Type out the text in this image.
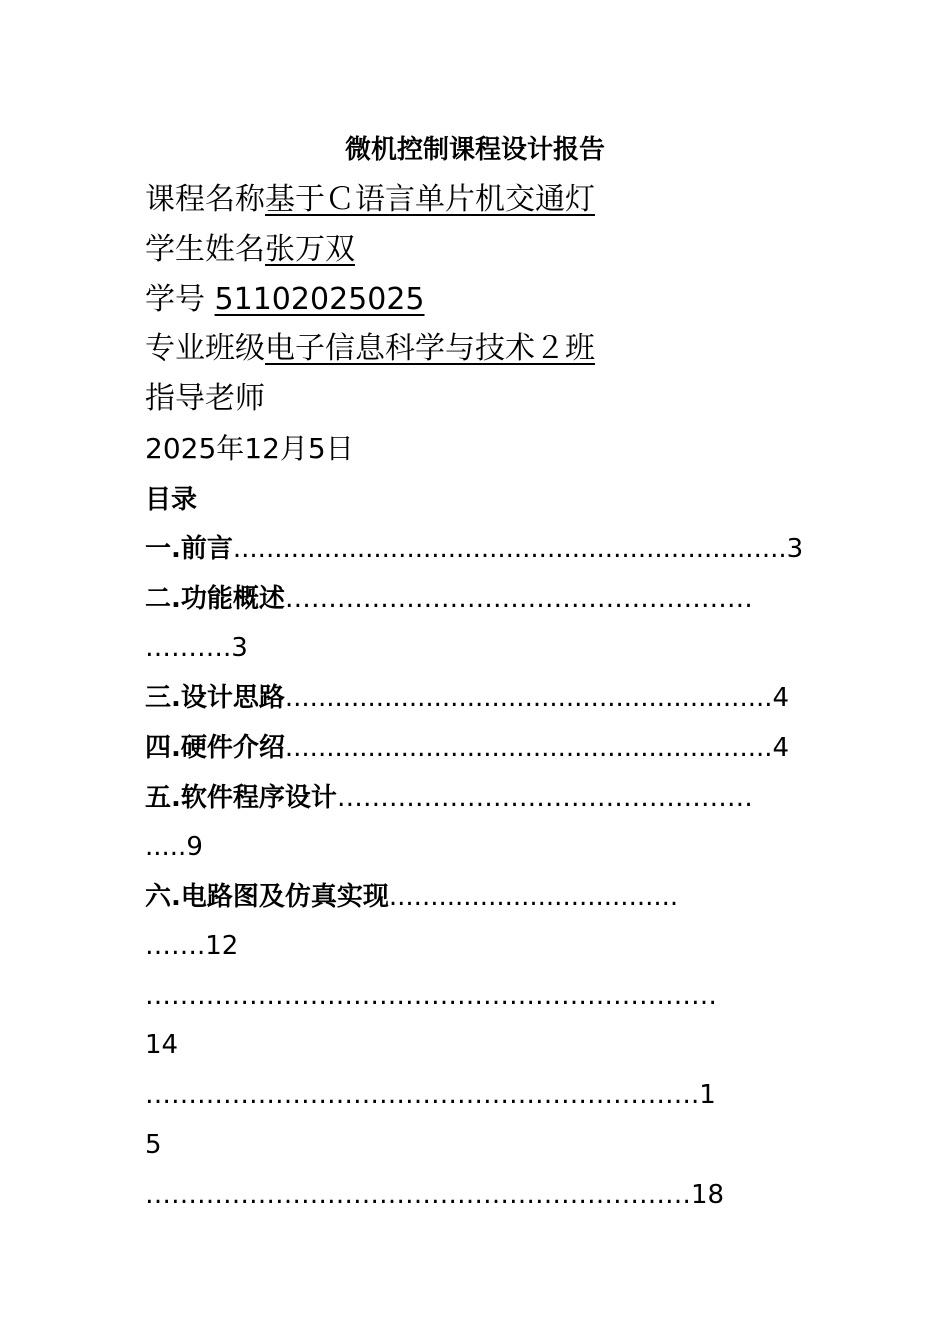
微机控制课程设计报告
课程名称基于Ｃ语言单片机交通灯
学生姓名张万双
学号 51102025025
专业班级电子信息科学与技术２班
指导老师
2025年12月5日
目录
一.前言...................................................................3
二.功能概述………………………………………………
……….3
三.设计思路...........................................................4
四.硬件介绍...........................................................4
五.软件程序设计…………………………………………
.....9
六.电路图及仿真实现...................................
…….12
…………………………………………………………
14
……………………………………………………….1
5
………………………………………………………18
